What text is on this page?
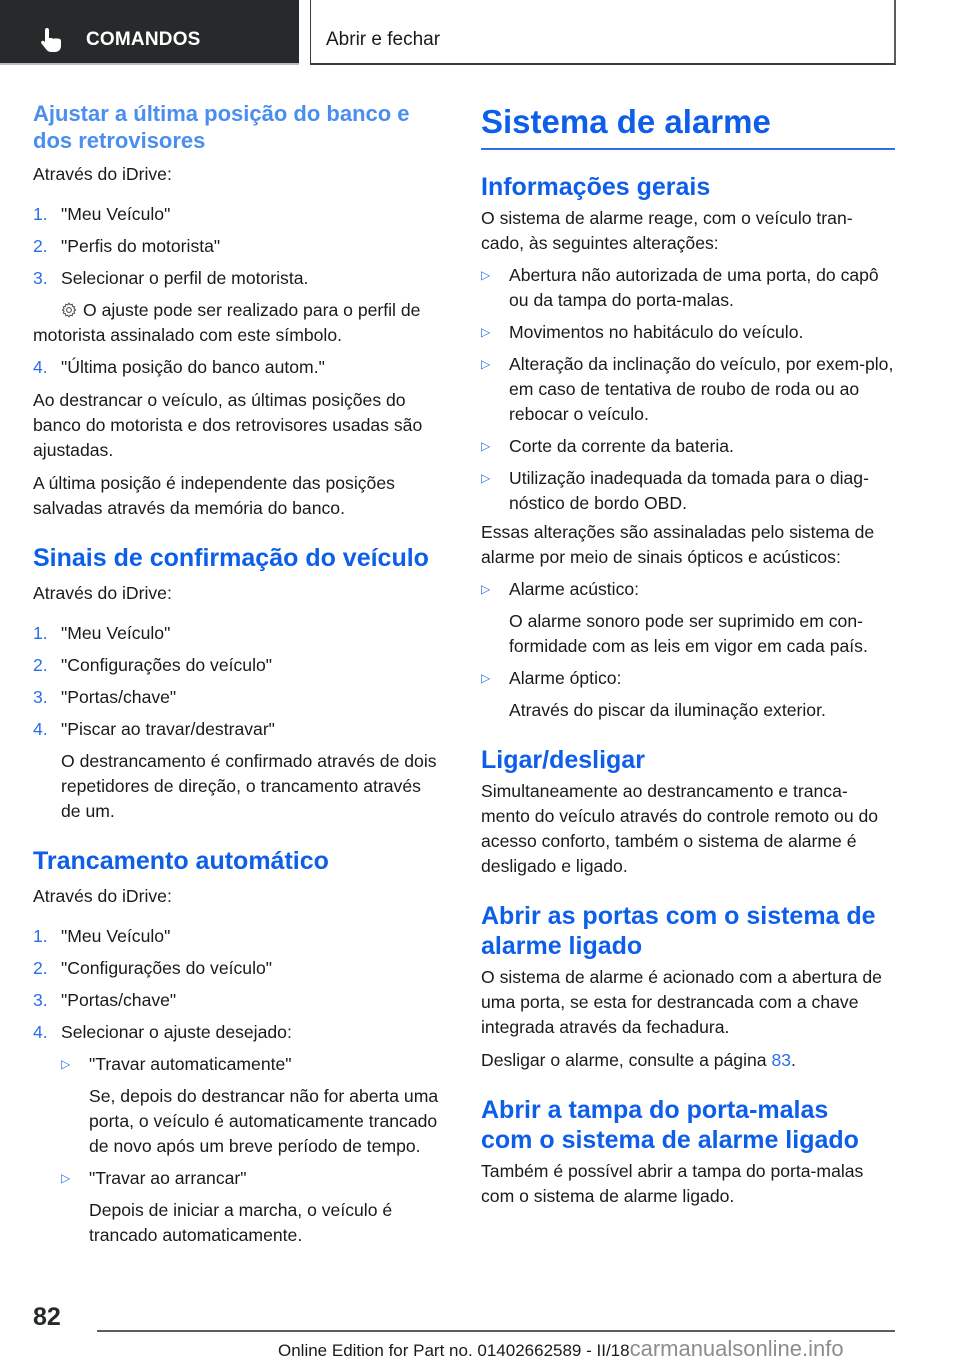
COMANDOS	Abrir e fechar
Ajustar a última posição do banco e
dos retrovisores
Através do iDrive:
1. "Meu Veículo"
2. "Perfis do motorista"
3. Selecionar o perfil de motorista.
O ajuste pode ser realizado para o perfil de motorista assinalado com este símbolo.
4. "Última posição do banco autom."
Ao destrancar o veículo, as últimas posições do banco do motorista e dos retrovisores usadas são ajustadas.
A última posição é independente das posições salvadas através da memória do banco.
Sinais de confirmação do veículo
Através do iDrive:
1. "Meu Veículo"
2. "Configurações do veículo"
3. "Portas/chave"
4. "Piscar ao travar/destravar"
O destrancamento é confirmado através de dois repetidores de direção, o trancamento através de um.
Trancamento automático
Através do iDrive:
1. "Meu Veículo"
2. "Configurações do veículo"
3. "Portas/chave"
4. Selecionar o ajuste desejado:
▷	"Travar automaticamente"
Se, depois do destrancar não for aberta uma porta, o veículo é automaticamente trancado de novo após um breve período de tempo.
▷	"Travar ao arrancar"
Depois de iniciar a marcha, o veículo é trancado automaticamente.
Sistema de alarme
Informações gerais
O sistema de alarme reage, com o veículo tran-cado, às seguintes alterações:
▷	Abertura não autorizada de uma porta, do capô ou da tampa do porta-malas.
▷	Movimentos no habitáculo do veículo.
▷	Alteração da inclinação do veículo, por exem-plo, em caso de tentativa de roubo de roda ou ao rebocar o veículo.
▷	Corte da corrente da bateria.
▷	Utilização inadequada da tomada para o diag-nóstico de bordo OBD.
Essas alterações são assinaladas pelo sistema de alarme por meio de sinais ópticos e acústicos:
▷	Alarme acústico:
O alarme sonoro pode ser suprimido em con-formidade com as leis em vigor em cada país.
▷	Alarme óptico:
Através do piscar da iluminação exterior.
Ligar/desligar
Simultaneamente ao destrancamento e tranca-mento do veículo através do controle remoto ou do acesso conforto, também o sistema de alarme é desligado e ligado.
Abrir as portas com o sistema de
alarme ligado
O sistema de alarme é acionado com a abertura de uma porta, se esta for destrancada com a chave integrada através da fechadura.
Desligar o alarme, consulte a página 83.
Abrir a tampa do porta-malas
com o sistema de alarme ligado
Também é possível abrir a tampa do porta-malas com o sistema de alarme ligado.
82
Online Edition for Part no. 01402662589 - II/18carmanualsonline.info
